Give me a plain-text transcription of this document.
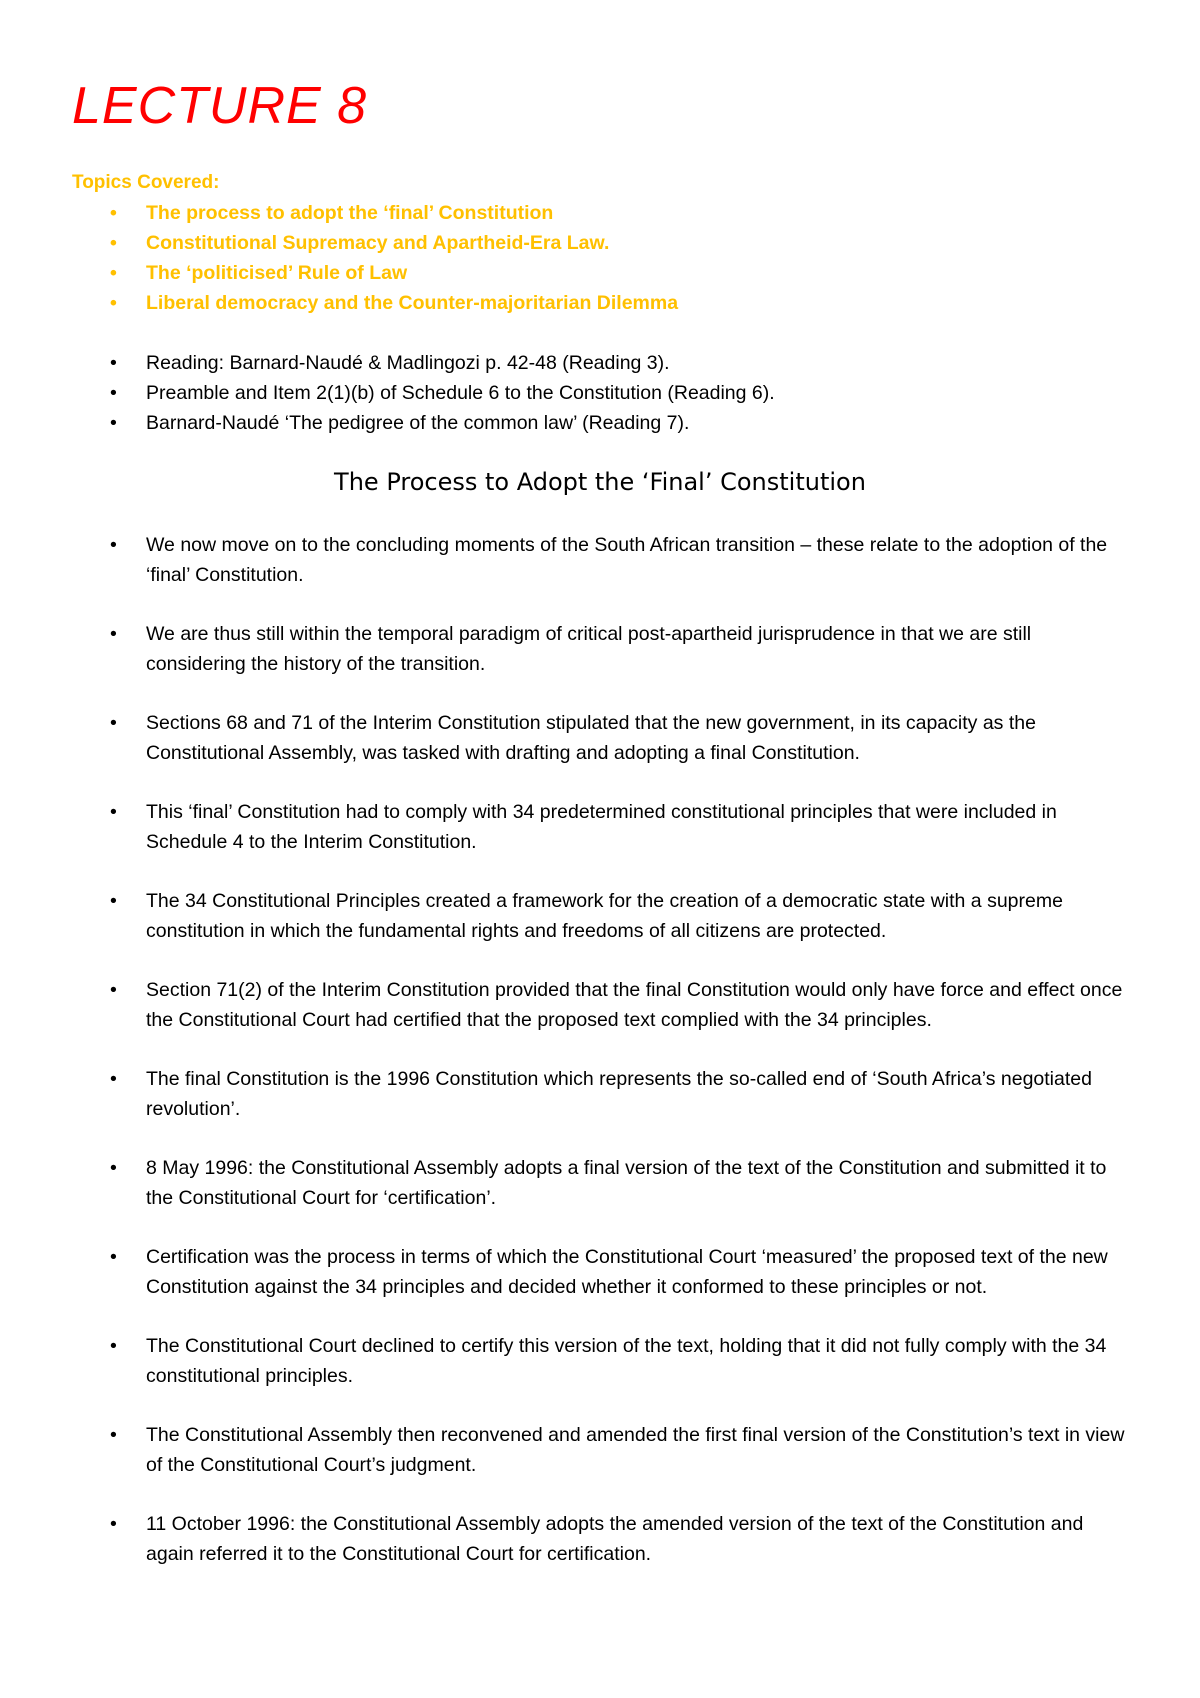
LECTURE 8
Topics Covered:
•	The process to adopt the ‘final’ Constitution
•	Constitutional Supremacy and Apartheid-Era Law.
•	The ‘politicised’ Rule of Law
•	Liberal democracy and the Counter-majoritarian Dilemma
•	Reading: Barnard-Naudé & Madlingozi p. 42-48 (Reading 3).
•	Preamble and Item 2(1)(b) of Schedule 6 to the Constitution (Reading 6).
•	Barnard-Naudé ‘The pedigree of the common law’ (Reading 7).
The Process to Adopt the ‘Final’ Constitution
•	We now move on to the concluding moments of the South African transition – these relate to the adoption of the ‘final’ Constitution.
•	We are thus still within the temporal paradigm of critical post-apartheid jurisprudence in that we are still considering the history of the transition.
•	Sections 68 and 71 of the Interim Constitution stipulated that the new government, in its capacity as the Constitutional Assembly, was tasked with drafting and adopting a final Constitution.
•	This ‘final’ Constitution had to comply with 34 predetermined constitutional principles that were included in Schedule 4 to the Interim Constitution.
•	The 34 Constitutional Principles created a framework for the creation of a democratic state with a supreme constitution in which the fundamental rights and freedoms of all citizens are protected.
•	Section 71(2) of the Interim Constitution provided that the final Constitution would only have force and effect once the Constitutional Court had certified that the proposed text complied with the 34 principles.
•	The final Constitution is the 1996 Constitution which represents the so-called end of ‘South Africa’s negotiated revolution’.
•	8 May 1996: the Constitutional Assembly adopts a final version of the text of the Constitution and submitted it to the Constitutional Court for ‘certification’.
•	Certification was the process in terms of which the Constitutional Court ‘measured’ the proposed text of the new Constitution against the 34 principles and decided whether it conformed to these principles or not.
•	The Constitutional Court declined to certify this version of the text, holding that it did not fully comply with the 34 constitutional principles.
•	The Constitutional Assembly then reconvened and amended the first final version of the Constitution’s text in view of the Constitutional Court’s judgment.
•	11 October 1996: the Constitutional Assembly adopts the amended version of the text of the Constitution and again referred it to the Constitutional Court for certification.
